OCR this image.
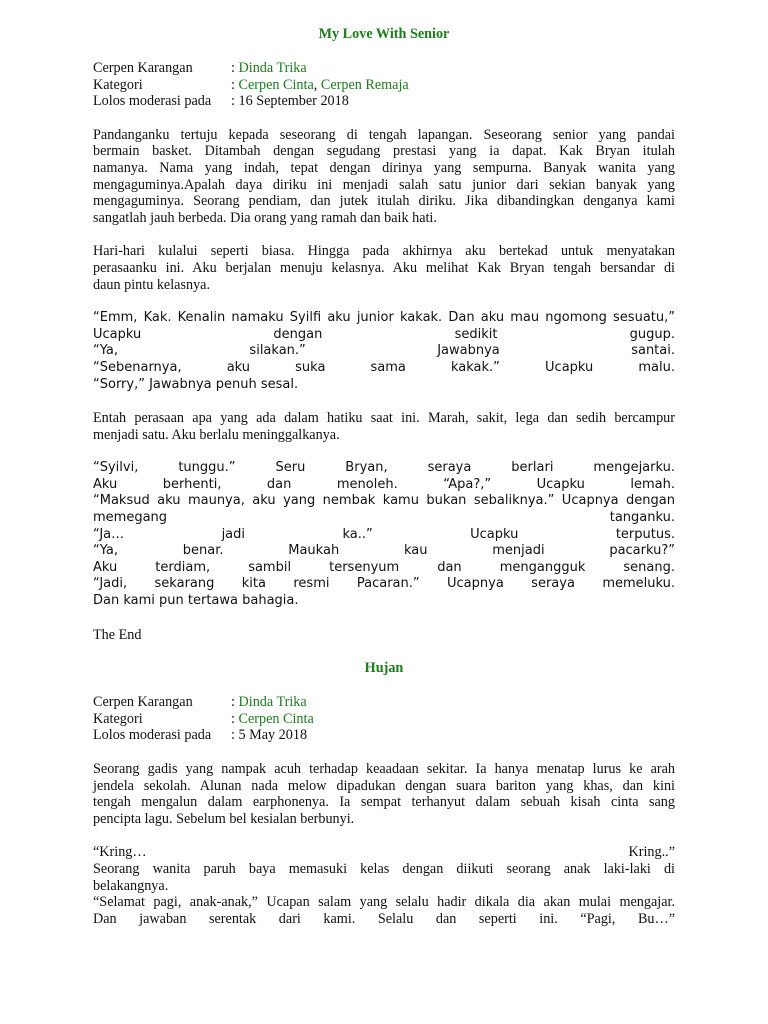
My Love With Senior
Cerpen Karangan	: Dinda Trika
Kategori	: Cerpen Cinta, Cerpen Remaja
Lolos moderasi pada	: 16 September 2018
Pandanganku tertuju kepada seseorang di tengah lapangan. Seseorang senior yang pandai
bermain basket. Ditambah dengan segudang prestasi yang ia dapat. Kak Bryan itulah
namanya. Nama yang indah, tepat dengan dirinya yang sempurna. Banyak wanita yang
mengaguminya.Apalah daya diriku ini menjadi salah satu junior dari sekian banyak yang
mengaguminya. Seorang pendiam, dan jutek itulah diriku. Jika dibandingkan denganya kami
sangatlah jauh berbeda. Dia orang yang ramah dan baik hati.
Hari-hari kulalui seperti biasa. Hingga pada akhirnya aku bertekad untuk menyatakan
perasaanku ini. Aku berjalan menuju kelasnya. Aku melihat Kak Bryan tengah bersandar di
daun pintu kelasnya.
“Emm, Kak. Kenalin namaku Syilfi aku junior kakak. Dan aku mau ngomong sesuatu,”
Ucapku dengan sedikit gugup.
“Ya, silakan.” Jawabnya santai.
“Sebenarnya, aku suka sama kakak.” Ucapku malu.
“Sorry,” Jawabnya penuh sesal.
Entah perasaan apa yang ada dalam hatiku saat ini. Marah, sakit, lega dan sedih bercampur
menjadi satu. Aku berlalu meninggalkanya.
“Syilvi, tunggu.” Seru Bryan, seraya berlari mengejarku.
Aku berhenti, dan menoleh. “Apa?,” Ucapku lemah.
“Maksud aku maunya, aku yang nembak kamu bukan sebaliknya.” Ucapnya dengan
memegang tanganku.
“Ja… jadi ka..” Ucapku terputus.
“Ya, benar. Maukah kau menjadi pacarku?”
Aku terdiam, sambil tersenyum dan mengangguk senang.
“Jadi, sekarang kita resmi Pacaran.” Ucapnya seraya memeluku.
Dan kami pun tertawa bahagia.
The End
Hujan
Cerpen Karangan	: Dinda Trika
Kategori	: Cerpen Cinta
Lolos moderasi pada	: 5 May 2018
Seorang gadis yang nampak acuh terhadap keaadaan sekitar. Ia hanya menatap lurus ke arah
jendela sekolah. Alunan nada melow dipadukan dengan suara bariton yang khas, dan kini
tengah mengalun dalam earphonenya. Ia sempat terhanyut dalam sebuah kisah cinta sang
pencipta lagu. Sebelum bel kesialan berbunyi.
“Kring…	Kring..”
Seorang wanita paruh baya memasuki kelas dengan diikuti seorang anak laki-laki di
belakangnya.
“Selamat pagi, anak-anak,” Ucapan salam yang selalu hadir dikala dia akan mulai mengajar.
Dan jawaban serentak dari kami. Selalu dan seperti ini. “Pagi, Bu…”
